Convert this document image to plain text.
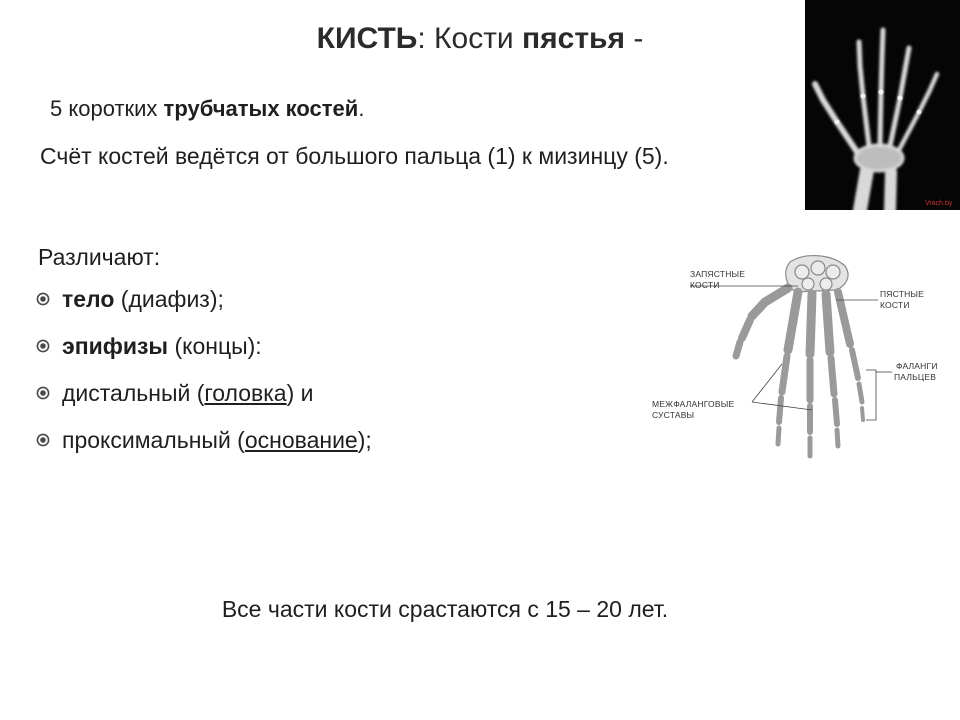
КИСТЬ: Кости пястья -
5 коротких трубчатых костей.
Счёт костей ведётся от большого пальца (1) к мизинцу (5).
Различают:
тело (диафиз);
эпифизы (концы):
дистальный (головка) и
проксимальный (основание);
Все части кости срастаются с 15 – 20 лет.
Vrach.by
ЗАПЯСТНЫЕ
КОСТИ
ПЯСТНЫЕ
КОСТИ
ФАЛАНГИ
ПАЛЬЦЕВ
МЕЖФАЛАНГОВЫЕ
СУСТАВЫ
